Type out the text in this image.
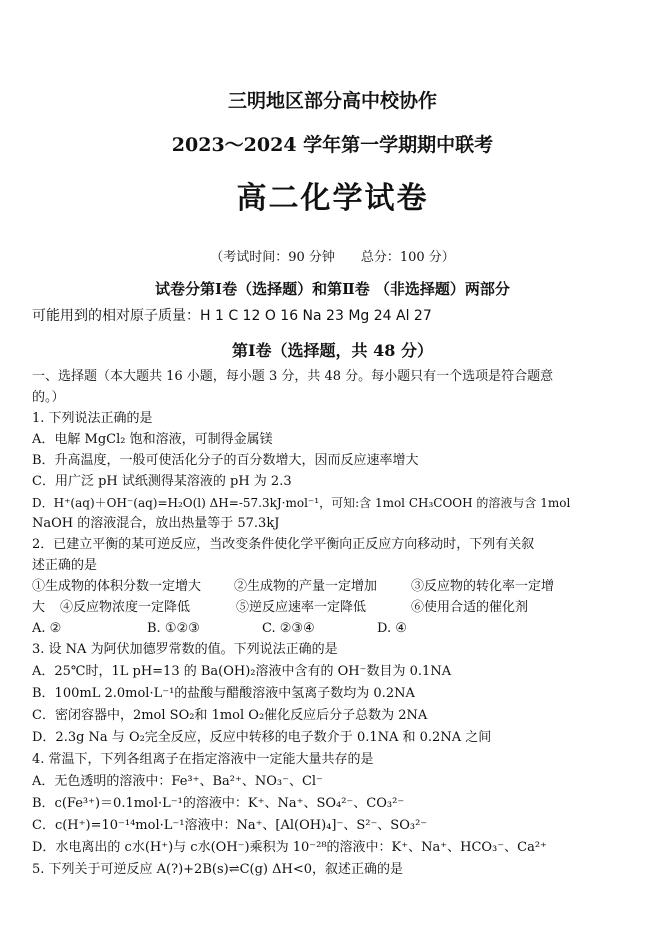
三明地区部分高中校协作
2023～2024 学年第一学期期中联考
高二化学试卷
（考试时间：90 分钟　　总分：100 分）
试卷分第Ⅰ卷（选择题）和第Ⅱ卷 （非选择题）两部分
可能用到的相对原子质量：H 1 C 12 O 16 Na 23 Mg 24 Al 27
第Ⅰ卷（选择题，共 48 分）
一、选择题（本大题共 16 小题，每小题 3 分，共 48 分。每小题只有一个选项是符合题意
的。）
1. 下列说法正确的是
A．电解 MgCl₂ 饱和溶液，可制得金属镁
B．升高温度，一般可使活化分子的百分数增大，因而反应速率增大
C．用广泛 pH 试纸测得某溶液的 pH 为 2.3
D．H⁺(aq)＋OH⁻(aq)=H₂O(l) ΔH=-57.3kJ·mol⁻¹，可知:含 1mol CH₃COOH 的溶液与含 1mol
NaOH 的溶液混合，放出热量等于 57.3kJ
2．已建立平衡的某可逆反应，当改变条件使化学平衡向正反应方向移动时，下列有关叙
述正确的是
①生成物的体积分数一定增大	②生成物的产量一定增加	③反应物的转化率一定增
大 ④反应物浓度一定降低	⑤逆反应速率一定降低	⑥使用合适的催化剂
A. ②	B. ①②③	C. ②③④	D. ④
3. 设 NA 为阿伏加德罗常数的值。下列说法正确的是
A．25℃时，1L pH=13 的 Ba(OH)₂溶液中含有的 OH⁻数目为 0.1NA
B．100mL 2.0mol·L⁻¹的盐酸与醋酸溶液中氢离子数均为 0.2NA
C．密闭容器中，2mol SO₂和 1mol O₂催化反应后分子总数为 2NA
D．2.3g Na 与 O₂完全反应，反应中转移的电子数介于 0.1NA 和 0.2NA 之间
4. 常温下，下列各组离子在指定溶液中一定能大量共存的是
A．无色透明的溶液中：Fe³⁺、Ba²⁺、NO₃⁻、Cl⁻
B．c(Fe³⁺)＝0.1mol·L⁻¹的溶液中：K⁺、Na⁺、SO₄²⁻、CO₃²⁻
C．c(H⁺)=10⁻¹⁴mol·L⁻¹溶液中：Na⁺、[Al(OH)₄]⁻、S²⁻、SO₃²⁻
D．水电离出的 c水(H⁺)与 c水(OH⁻)乘积为 10⁻²⁸的溶液中：K⁺、Na⁺、HCO₃⁻、Ca²⁺
5. 下列关于可逆反应 A(?)+2B(s)⇌C(g) ΔH<0，叙述正确的是
